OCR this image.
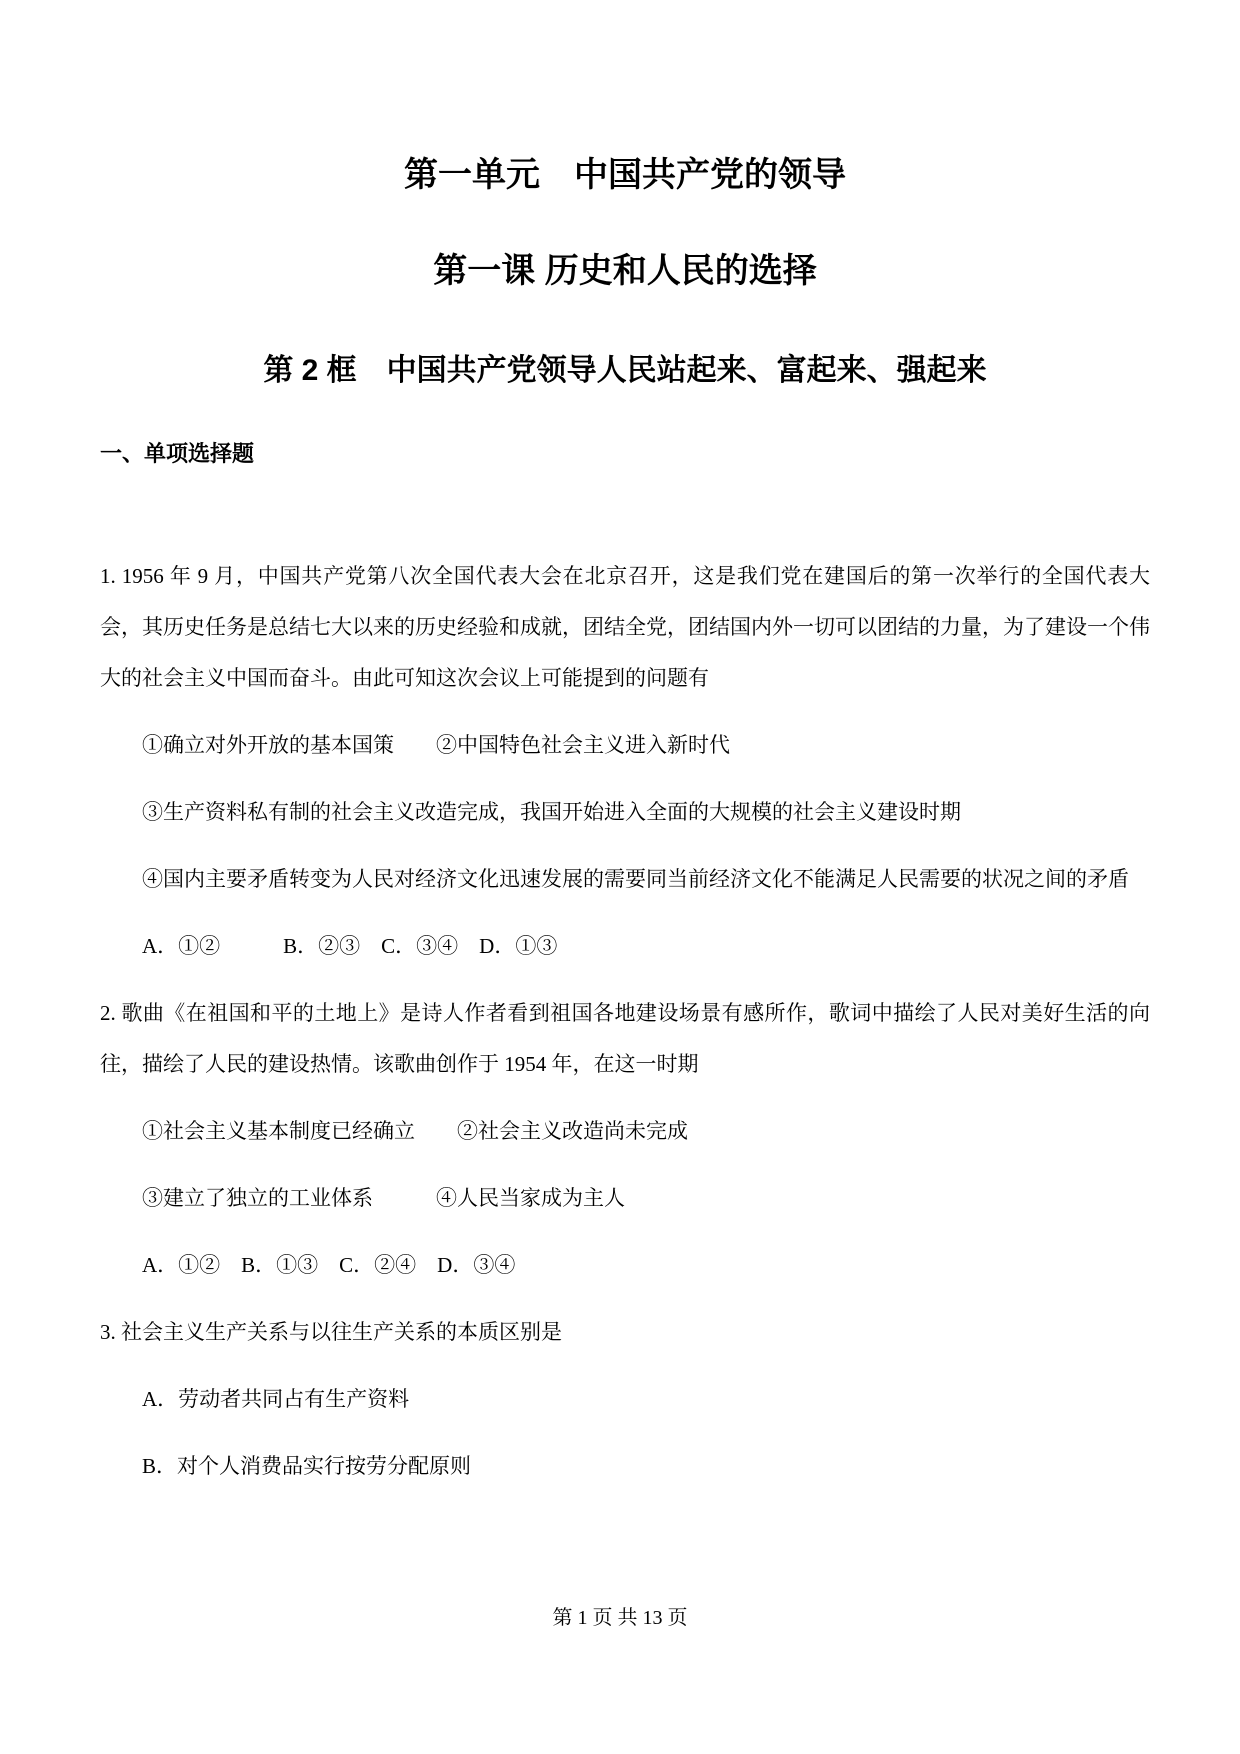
第一单元　中国共产党的领导
第一课 历史和人民的选择
第 2 框　中国共产党领导人民站起来、富起来、强起来
一、单项选择题

1. 1956 年 9 月，中国共产党第八次全国代表大会在北京召开，这是我们党在建国后的第一次举行的全国代表大会，其历史任务是总结七大以来的历史经验和成就，团结全党，团结国内外一切可以团结的力量，为了建设一个伟大的社会主义中国而奋斗。由此可知这次会议上可能提到的问题有

①确立对外开放的基本国策　　②中国特色社会主义进入新时代

③生产资料私有制的社会主义改造完成，我国开始进入全面的大规模的社会主义建设时期

④国内主要矛盾转变为人民对经济文化迅速发展的需要同当前经济文化不能满足人民需要的状况之间的矛盾

A．①②　　　B．②③　C．③④　D．①③

2. 歌曲《在祖国和平的土地上》是诗人作者看到祖国各地建设场景有感所作，歌词中描绘了人民对美好生活的向往，描绘了人民的建设热情。该歌曲创作于 1954 年，在这一时期

①社会主义基本制度已经确立　　②社会主义改造尚未完成

③建立了独立的工业体系　　　④人民当家成为主人

A．①②　B．①③　C．②④　D．③④

3. 社会主义生产关系与以往生产关系的本质区别是

A．劳动者共同占有生产资料

B．对个人消费品实行按劳分配原则

第 1 页 共 13 页
